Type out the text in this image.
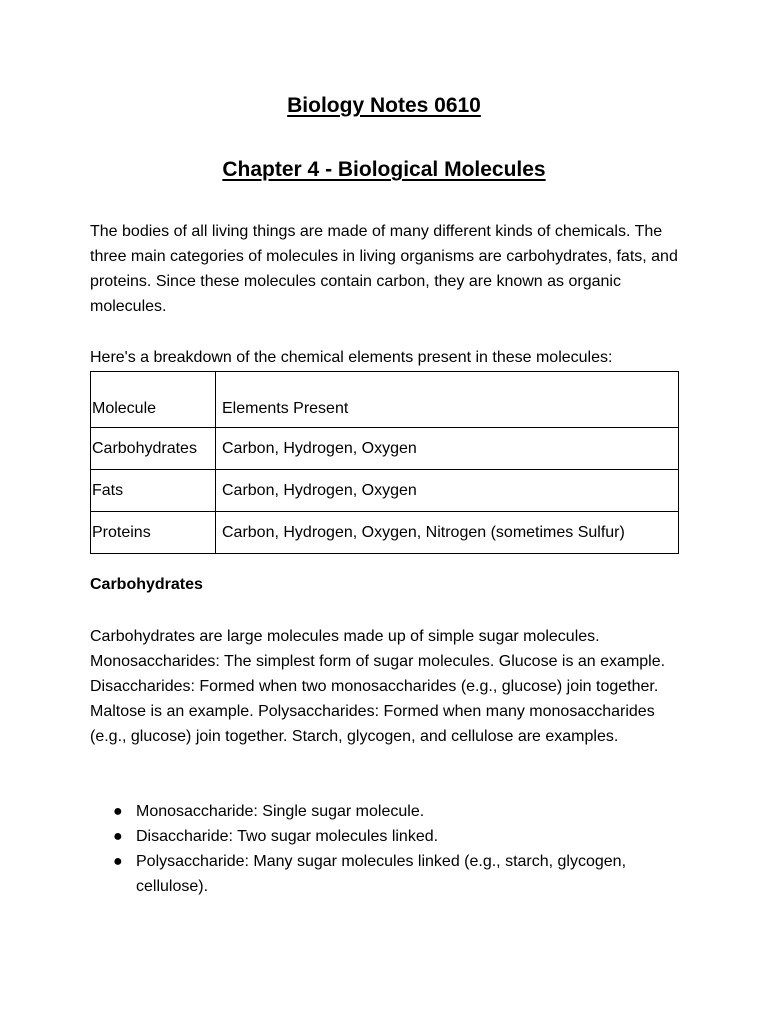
Biology Notes 0610
Chapter 4 - Biological Molecules

The bodies of all living things are made of many different kinds of chemicals. The three main categories of molecules in living organisms are carbohydrates, fats, and proteins. Since these molecules contain carbon, they are known as organic molecules.

Here's a breakdown of the chemical elements present in these molecules:

Molecule	Elements Present
Carbohydrates	Carbon, Hydrogen, Oxygen
Fats	Carbon, Hydrogen, Oxygen
Proteins	Carbon, Hydrogen, Oxygen, Nitrogen (sometimes Sulfur)
Carbohydrates

Carbohydrates are large molecules made up of simple sugar molecules. Monosaccharides: The simplest form of sugar molecules. Glucose is an example. Disaccharides: Formed when two monosaccharides (e.g., glucose) join together. Maltose is an example. Polysaccharides: Formed when many monosaccharides (e.g., glucose) join together. Starch, glycogen, and cellulose are examples.

● Monosaccharide: Single sugar molecule.
● Disaccharide: Two sugar molecules linked.
● Polysaccharide: Many sugar molecules linked (e.g., starch, glycogen, cellulose).
